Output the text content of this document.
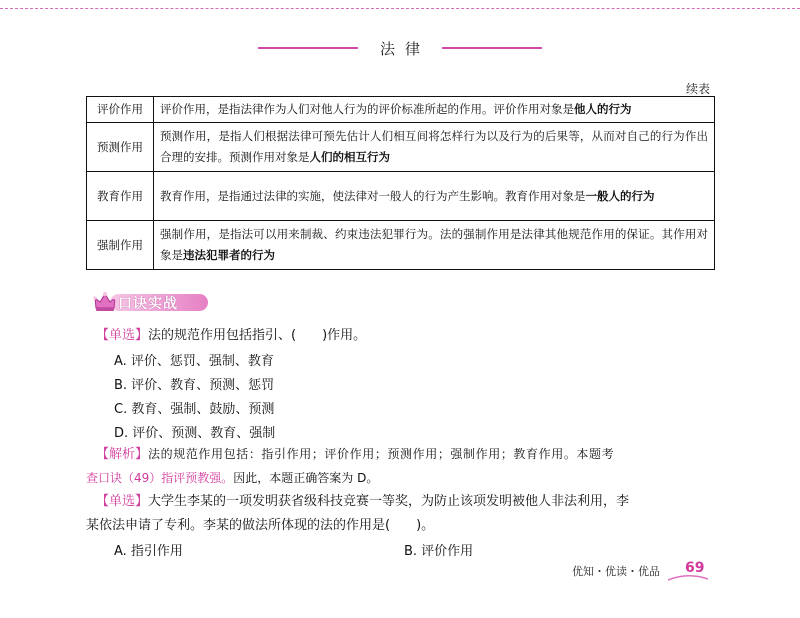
法律
续表
评价作用	评价作用，是指法律作为人们对他人行为的评价标准所起的作用。评价作用对象是他人的行为
预测作用	预测作用，是指人们根据法律可预先估计人们相互间将怎样行为以及行为的后果等，从而对自己的行为作出合理的安排。预测作用对象是人们的相互行为
教育作用	教育作用，是指通过法律的实施，使法律对一般人的行为产生影响。教育作用对象是一般人的行为
强制作用	强制作用，是指法可以用来制裁、约束违法犯罪行为。法的强制作用是法律其他规范作用的保证。其作用对象是违法犯罪者的行为
口诀实战
【单选】法的规范作用包括指引、(　　)作用。
A. 评价、惩罚、强制、教育
B. 评价、教育、预测、惩罚
C. 教育、强制、鼓励、预测
D. 评价、预测、教育、强制
【解析】法的规范作用包括：指引作用；评价作用；预测作用；强制作用；教育作用。本题考
查口诀（49）指评预教强。因此，本题正确答案为 D。
【单选】大学生李某的一项发明获省级科技竞赛一等奖，为防止该项发明被他人非法利用，李
某依法申请了专利。李某的做法所体现的法的作用是(　　)。
A. 指引作用	B. 评价作用
优知・优读・优品 69
